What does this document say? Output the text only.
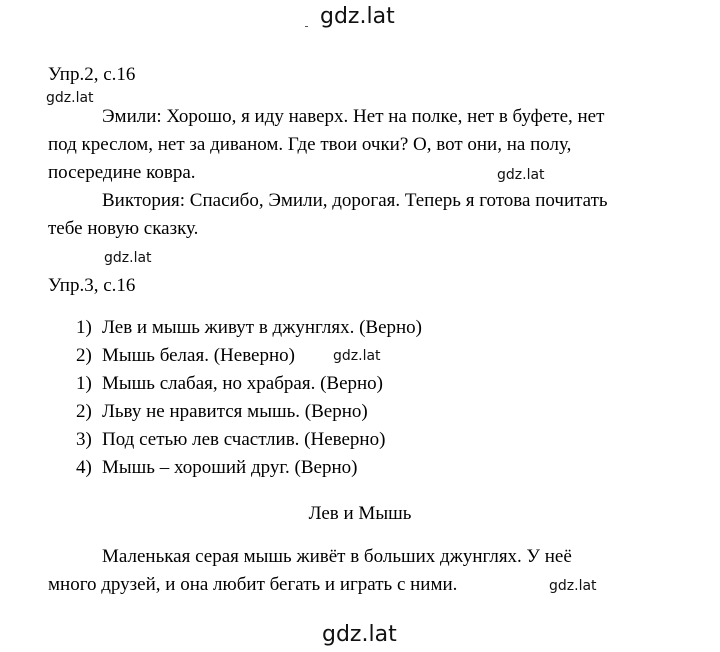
gdz.lat
Упр.2, с.16
gdz.lat
Эмили: Хорошо, я иду наверх. Нет на полке, нет в буфете, нет
под креслом, нет за диваном. Где твои очки? О, вот они, на полу,
посередине ковра.	gdz.lat
Виктория: Спасибо, Эмили, дорогая. Теперь я готова почитать
тебе новую сказку.
gdz.lat
Упр.3, с.16
1) Лев и мышь живут в джунглях. (Верно)
2) Мышь белая. (Неверно)	gdz.lat
1) Мышь слабая, но храбрая. (Верно)
2) Льву не нравится мышь. (Верно)
3) Под сетью лев счастлив. (Неверно)
4) Мышь – хороший друг. (Верно)
Лев и Мышь
Маленькая серая мышь живёт в больших джунглях. У неё
много друзей, и она любит бегать и играть с ними.	gdz.lat
gdz.lat
